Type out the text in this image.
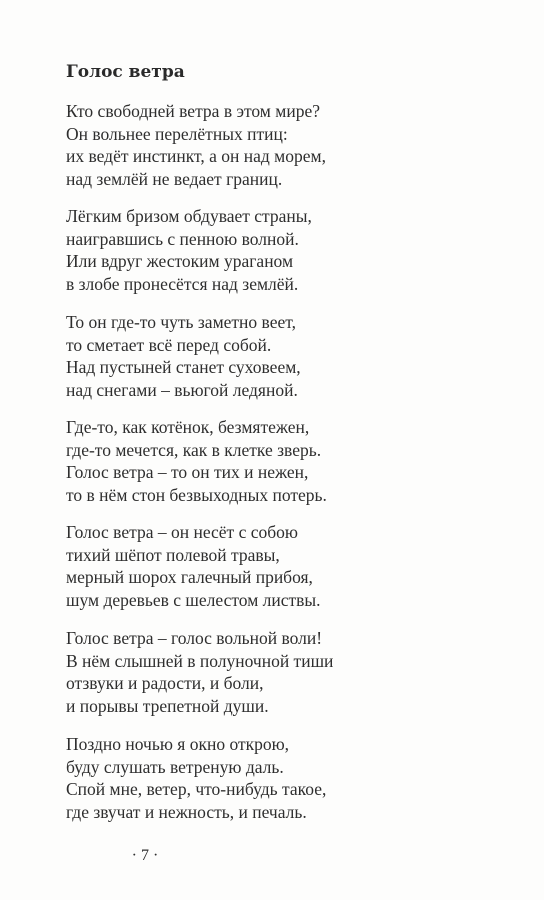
Голос ветра
Кто свободней ветра в этом мире?
Он вольнее перелётных птиц:
их ведёт инстинкт, а он над морем,
над землёй не ведает границ.
Лёгким бризом обдувает страны,
наигравшись с пенною волной.
Или вдруг жестоким ураганом
в злобе пронесётся над землёй.
То он где-то чуть заметно веет,
то сметает всё перед собой.
Над пустыней станет суховеем,
над снегами – вьюгой ледяной.
Где-то, как котёнок, безмятежен,
где-то мечется, как в клетке зверь.
Голос ветра – то он тих и нежен,
то в нём стон безвыходных потерь.
Голос ветра – он несёт с собою
тихий шёпот полевой травы,
мерный шорох галечный прибоя,
шум деревьев с шелестом листвы.
Голос ветра – голос вольной воли!
В нём слышней в полуночной тиши
отзвуки и радости, и боли,
и порывы трепетной души.
Поздно ночью я окно открою,
буду слушать ветреную даль.
Спой мне, ветер, что-нибудь такое,
где звучат и нежность, и печаль.
· 7 ·
